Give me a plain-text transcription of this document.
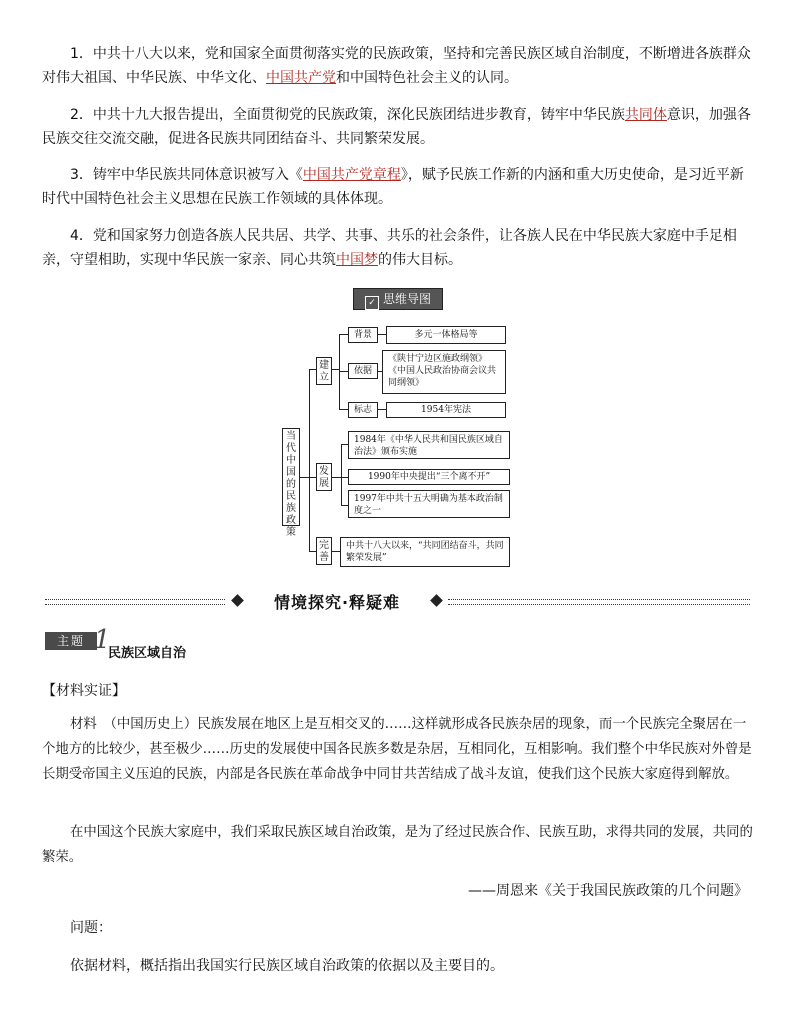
1．中共十八大以来，党和国家全面贯彻落实党的民族政策，坚持和完善民族区域自治制度，不断增进各族群众对伟大祖国、中华民族、中华文化、中国共产党和中国特色社会主义的认同。

2．中共十九大报告提出，全面贯彻党的民族政策，深化民族团结进步教育，铸牢中华民族共同体意识，加强各民族交往交流交融，促进各民族共同团结奋斗、共同繁荣发展。

3．铸牢中华民族共同体意识被写入《中国共产党章程》，赋予民族工作新的内涵和重大历史使命，是习近平新时代中国特色社会主义思想在民族工作领域的具体体现。

4．党和国家努力创造各族人民共居、共学、共事、共乐的社会条件，让各族人民在中华民族大家庭中手足相亲，守望相助，实现中华民族一家亲、同心共筑中国梦的伟大目标。

✓ 思维导图
当代中国的民族政策
建立
背景	多元一体格局等
依据
《陕甘宁边区施政纲领》《中国人民政治协商会议共同纲领》
标志	1954年宪法
发展
1984年《中华人民共和国民族区域自治法》颁布实施
1990年中央提出“三个离不开”
1997年中共十五大明确为基本政治制度之一
完善
中共十八大以来，“共同团结奋斗，共同繁荣发展”
情境探究·释疑难
主题 1
民族区域自治
【材料实证】

材料　 （中国历史上）民族发展在地区上是互相交叉的……这样就形成各民族杂居的现象，而一个民族完全聚居在一个地方的比较少，甚至极少……历史的发展使中国各民族多数是杂居，互相同化，互相影响。我们整个中华民族对外曾是长期受帝国主义压迫的民族，内部是各民族在革命战争中同甘共苦结成了战斗友谊，使我们这个民族大家庭得到解放。

在中国这个民族大家庭中，我们采取民族区域自治政策，是为了经过民族合作、民族互助，求得共同的发展，共同的繁荣。

——周恩来《关于我国民族政策的几个问题》
问题：
依据材料，概括指出我国实行民族区域自治政策的依据以及主要目的。
